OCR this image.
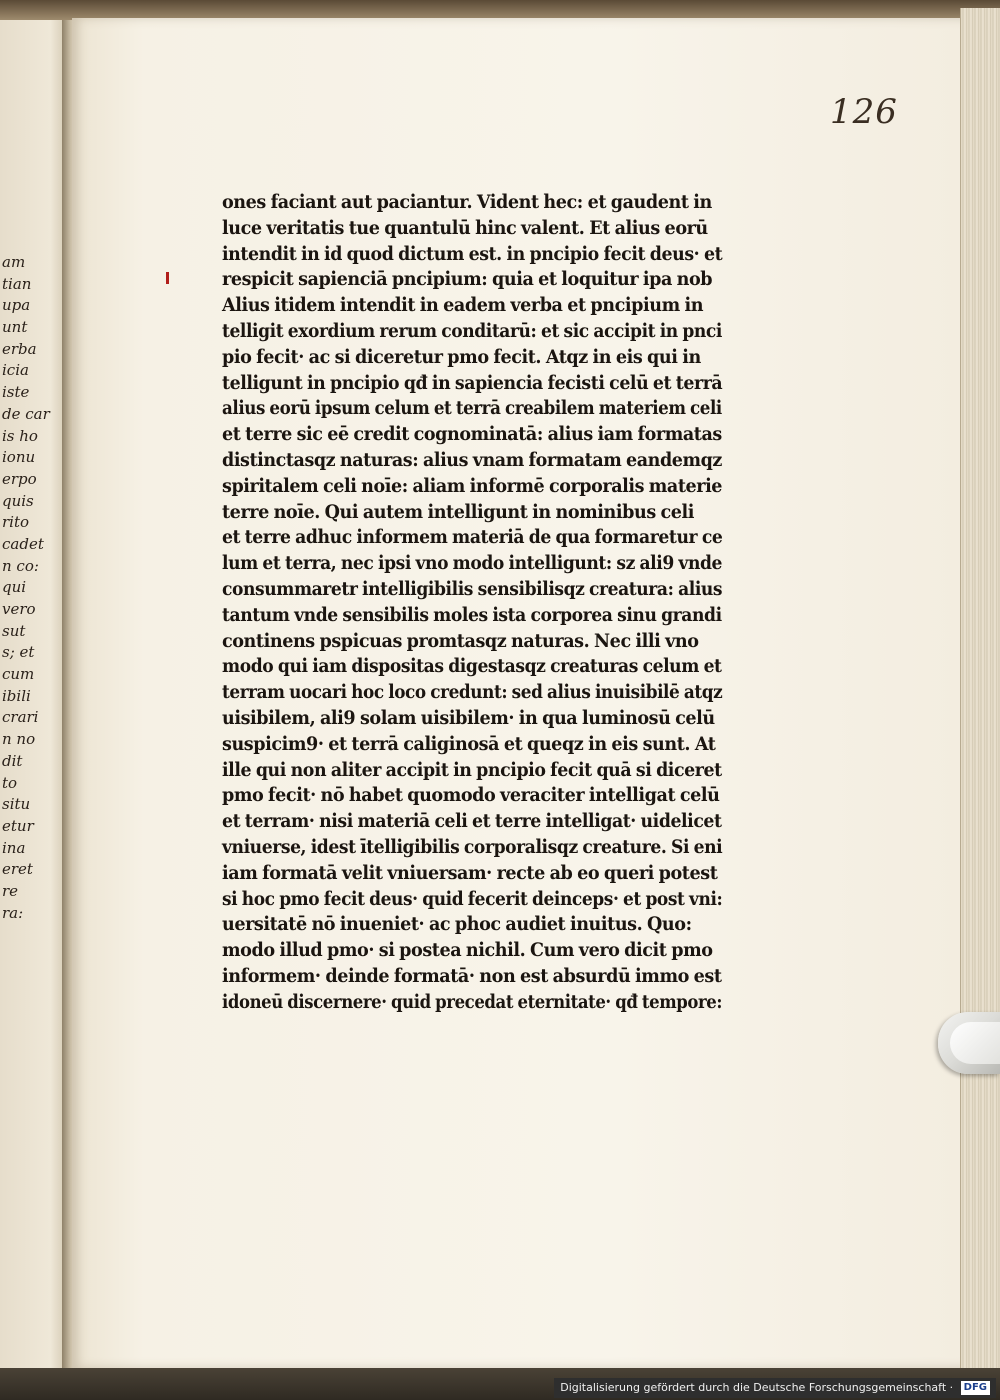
am
tian
upa
unt
erba
icia
iste
de car
is ho
ionu
erpo
quis
rito
cadet
n co:
qui
vero
sut
s; et
cum
ibili
crari
n no
dit
to
situ
etur
ina
eret
re
ra:
126
ones faciant aut paciantur. Vident hec: et gaudent in
luce veritatis tue quantulū hinc valent. Et alius eorū
intendit in id quod dictum est. in pncipio fecit deus· et
respicit sapienciā pncipium: quia et loquitur ipa nob
Alius itidem intendit in eadem verba et pncipium in
telligit exordium rerum conditarū: et sic accipit in pnci
pio fecit· ac si diceretur pmo fecit. Atqz in eis qui in
telligunt in pncipio qđ in sapiencia fecisti celū et terrā
alius eorū ipsum celum et terrā creabilem materiem celi
et terre sic eē credit cognominatā: alius iam formatas
distinctasqz naturas: alius vnam formatam eandemqz
spiritalem celi noīe: aliam informē corporalis materie
terre noīe. Qui autem intelligunt in nominibus celi
et terre adhuc informem materiā de qua formaretur ce
lum et terra, nec ipsi vno modo intelligunt: sz ali9 vnde
consummaretr intelligibilis sensibilisqz creatura: alius
tantum vnde sensibilis moles ista corporea sinu grandi
continens pspicuas promtasqz naturas. Nec illi vno
modo qui iam dispositas digestasqz creaturas celum et
terram uocari hoc loco credunt: sed alius inuisibilē atqz
uisibilem, ali9 solam uisibilem· in qua luminosū celū
suspicim9· et terrā caliginosā et queqz in eis sunt. At
ille qui non aliter accipit in pncipio fecit quā si diceret
pmo fecit· nō habet quomodo veraciter intelligat celū
et terram· nisi materiā celi et terre intelligat· uidelicet
vniuerse, idest ītelligibilis corporalisqz creature. Si eni
iam formatā velit vniuersam· recte ab eo queri potest
si hoc pmo fecit deus· quid fecerit deinceps· et post vni:
uersitatē nō inueniet· ac phoc audiet inuitus. Quo:
modo illud pmo· si postea nichil. Cum vero dicit pmo
informem· deinde formatā· non est absurdū immo est
idoneū discernere· quid precedat eternitate· qđ tempore:
Digitalisierung gefördert durch die Deutsche Forschungsgemeinschaft · DFG
